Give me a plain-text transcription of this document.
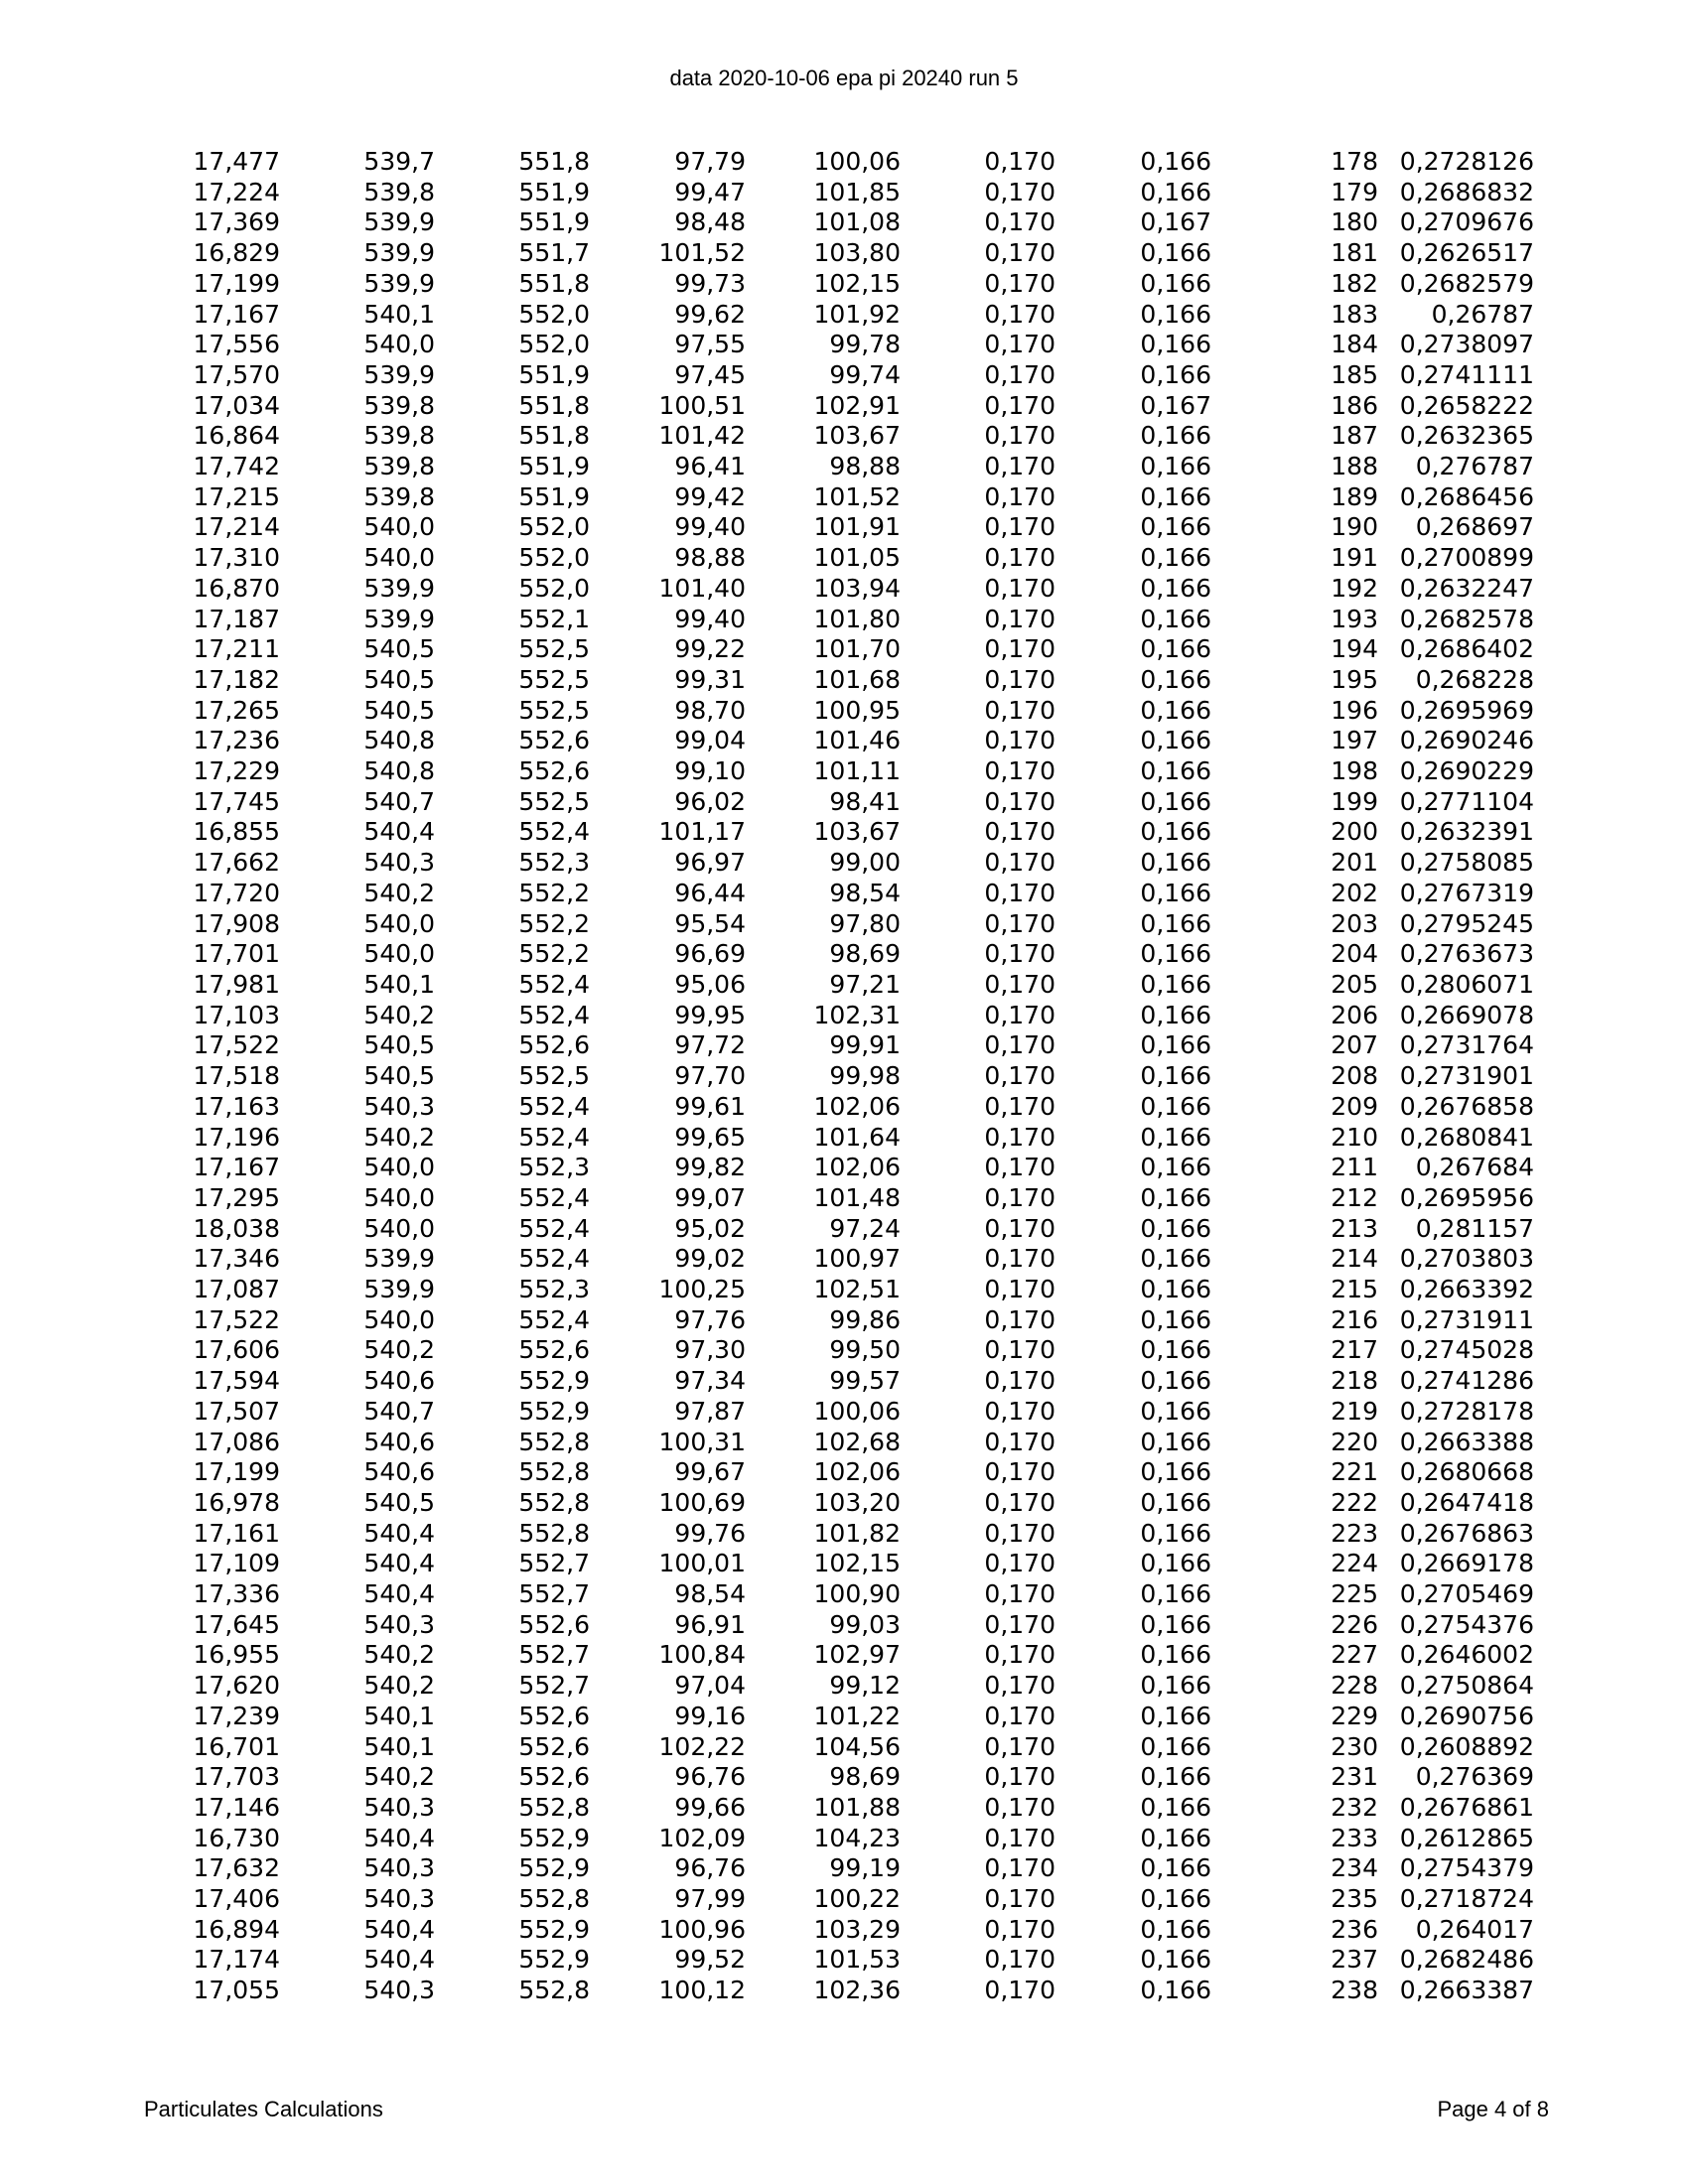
data 2020-10-06 epa pi 20240 run 5
17,477	539,7	551,8	97,79	100,06	0,170	0,166	178	0,2728126
17,224	539,8	551,9	99,47	101,85	0,170	0,166	179	0,2686832
17,369	539,9	551,9	98,48	101,08	0,170	0,167	180	0,2709676
16,829	539,9	551,7	101,52	103,80	0,170	0,166	181	0,2626517
17,199	539,9	551,8	99,73	102,15	0,170	0,166	182	0,2682579
17,167	540,1	552,0	99,62	101,92	0,170	0,166	183	0,26787
17,556	540,0	552,0	97,55	99,78	0,170	0,166	184	0,2738097
17,570	539,9	551,9	97,45	99,74	0,170	0,166	185	0,2741111
17,034	539,8	551,8	100,51	102,91	0,170	0,167	186	0,2658222
16,864	539,8	551,8	101,42	103,67	0,170	0,166	187	0,2632365
17,742	539,8	551,9	96,41	98,88	0,170	0,166	188	0,276787
17,215	539,8	551,9	99,42	101,52	0,170	0,166	189	0,2686456
17,214	540,0	552,0	99,40	101,91	0,170	0,166	190	0,268697
17,310	540,0	552,0	98,88	101,05	0,170	0,166	191	0,2700899
16,870	539,9	552,0	101,40	103,94	0,170	0,166	192	0,2632247
17,187	539,9	552,1	99,40	101,80	0,170	0,166	193	0,2682578
17,211	540,5	552,5	99,22	101,70	0,170	0,166	194	0,2686402
17,182	540,5	552,5	99,31	101,68	0,170	0,166	195	0,268228
17,265	540,5	552,5	98,70	100,95	0,170	0,166	196	0,2695969
17,236	540,8	552,6	99,04	101,46	0,170	0,166	197	0,2690246
17,229	540,8	552,6	99,10	101,11	0,170	0,166	198	0,2690229
17,745	540,7	552,5	96,02	98,41	0,170	0,166	199	0,2771104
16,855	540,4	552,4	101,17	103,67	0,170	0,166	200	0,2632391
17,662	540,3	552,3	96,97	99,00	0,170	0,166	201	0,2758085
17,720	540,2	552,2	96,44	98,54	0,170	0,166	202	0,2767319
17,908	540,0	552,2	95,54	97,80	0,170	0,166	203	0,2795245
17,701	540,0	552,2	96,69	98,69	0,170	0,166	204	0,2763673
17,981	540,1	552,4	95,06	97,21	0,170	0,166	205	0,2806071
17,103	540,2	552,4	99,95	102,31	0,170	0,166	206	0,2669078
17,522	540,5	552,6	97,72	99,91	0,170	0,166	207	0,2731764
17,518	540,5	552,5	97,70	99,98	0,170	0,166	208	0,2731901
17,163	540,3	552,4	99,61	102,06	0,170	0,166	209	0,2676858
17,196	540,2	552,4	99,65	101,64	0,170	0,166	210	0,2680841
17,167	540,0	552,3	99,82	102,06	0,170	0,166	211	0,267684
17,295	540,0	552,4	99,07	101,48	0,170	0,166	212	0,2695956
18,038	540,0	552,4	95,02	97,24	0,170	0,166	213	0,281157
17,346	539,9	552,4	99,02	100,97	0,170	0,166	214	0,2703803
17,087	539,9	552,3	100,25	102,51	0,170	0,166	215	0,2663392
17,522	540,0	552,4	97,76	99,86	0,170	0,166	216	0,2731911
17,606	540,2	552,6	97,30	99,50	0,170	0,166	217	0,2745028
17,594	540,6	552,9	97,34	99,57	0,170	0,166	218	0,2741286
17,507	540,7	552,9	97,87	100,06	0,170	0,166	219	0,2728178
17,086	540,6	552,8	100,31	102,68	0,170	0,166	220	0,2663388
17,199	540,6	552,8	99,67	102,06	0,170	0,166	221	0,2680668
16,978	540,5	552,8	100,69	103,20	0,170	0,166	222	0,2647418
17,161	540,4	552,8	99,76	101,82	0,170	0,166	223	0,2676863
17,109	540,4	552,7	100,01	102,15	0,170	0,166	224	0,2669178
17,336	540,4	552,7	98,54	100,90	0,170	0,166	225	0,2705469
17,645	540,3	552,6	96,91	99,03	0,170	0,166	226	0,2754376
16,955	540,2	552,7	100,84	102,97	0,170	0,166	227	0,2646002
17,620	540,2	552,7	97,04	99,12	0,170	0,166	228	0,2750864
17,239	540,1	552,6	99,16	101,22	0,170	0,166	229	0,2690756
16,701	540,1	552,6	102,22	104,56	0,170	0,166	230	0,2608892
17,703	540,2	552,6	96,76	98,69	0,170	0,166	231	0,276369
17,146	540,3	552,8	99,66	101,88	0,170	0,166	232	0,2676861
16,730	540,4	552,9	102,09	104,23	0,170	0,166	233	0,2612865
17,632	540,3	552,9	96,76	99,19	0,170	0,166	234	0,2754379
17,406	540,3	552,8	97,99	100,22	0,170	0,166	235	0,2718724
16,894	540,4	552,9	100,96	103,29	0,170	0,166	236	0,264017
17,174	540,4	552,9	99,52	101,53	0,170	0,166	237	0,2682486
17,055	540,3	552,8	100,12	102,36	0,170	0,166	238	0,2663387
Particulates Calculations	Page 4 of 8
